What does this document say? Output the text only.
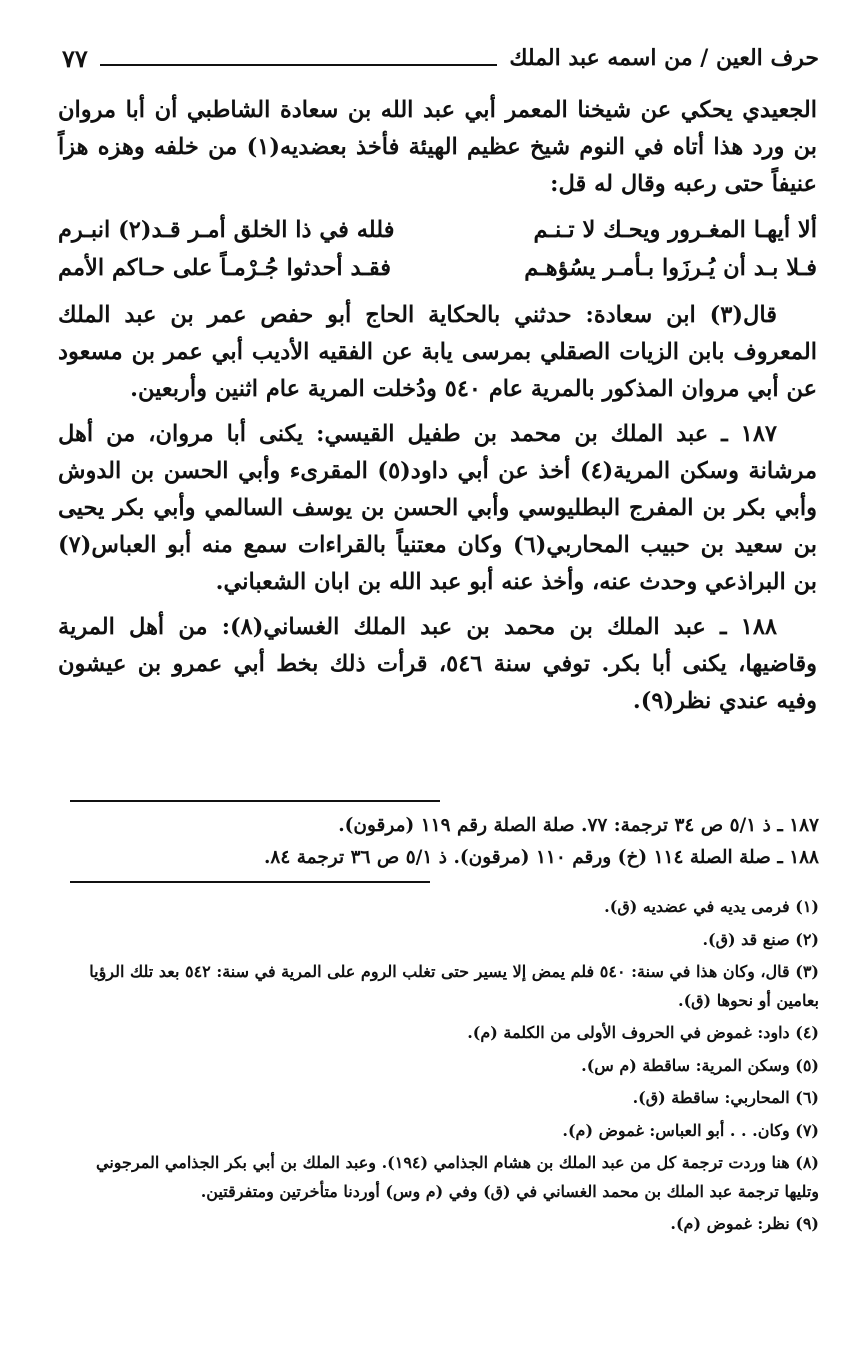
حرف العين / من اسمه عبد الملك
٧٧

الجعيدي يحكي عن شيخنا المعمر أبي عبد الله بن سعادة الشاطبي أن أبا مروان بن ورد هذا أتاه في النوم شيخ عظيم الهيئة فأخذ بعضديه(١) من خلفه وهزه هزاً عنيفاً حتى رعبه وقال له قل:

ألا أيهـا المغـرور ويحـك لا تـنـم
فلله في ذا الخلق أمـر قـد(٢) انبـرم
فـلا بـد أن يُـرزَوا بـأمـر يسُؤهـم
فقـد أحدثوا جُـرْمـاً على حـاكم الأمم

قال(٣) ابن سعادة: حدثني بالحكاية الحاج أبو حفص عمر بن عبد الملك المعروف بابن الزيات الصقلي بمرسى يابة عن الفقيه الأديب أبي عمر بن مسعود عن أبي مروان المذكور بالمرية عام ٥٤٠ ودُخلت المرية عام اثنين وأربعين.

١٨٧ ـ عبد الملك بن محمد بن طفيل القيسي: يكنى أبا مروان، من أهل مرشانة وسكن المرية(٤) أخذ عن أبي داود(٥) المقرىء وأبي الحسن بن الدوش وأبي بكر بن المفرج البطليوسي وأبي الحسن بن يوسف السالمي وأبي بكر يحيى بن سعيد بن حبيب المحاربي(٦) وكان معتنياً بالقراءات سمع منه أبو العباس(٧) بن البراذعي وحدث عنه، وأخذ عنه أبو عبد الله بن ابان الشعباني.

١٨٨ ـ عبد الملك بن محمد بن عبد الملك الغساني(٨): من أهل المرية وقاضيها، يكنى أبا بكر. توفي سنة ٥٤٦، قرأت ذلك بخط أبي عمرو بن عيشون وفيه عندي نظر(٩).

١٨٧ ـ ذ ٥/١ ص ٣٤ ترجمة: ٧٧. صلة الصلة رقم ١١٩ (مرقون).
١٨٨ ـ صلة الصلة ١١٤ (خ) ورقم ١١٠ (مرقون). ذ ٥/١ ص ٣٦ ترجمة ٨٤.
(١) فرمى يديه في عضديه (ق).
(٢) صنع قد (ق).
(٣) قال، وكان هذا في سنة: ٥٤٠ فلم يمض إلا يسير حتى تغلب الروم على المرية في سنة: ٥٤٢ بعد تلك الرؤيا بعامين أو نحوها (ق).
(٤) داود: غموض في الحروف الأولى من الكلمة (م).
(٥) وسكن المرية: ساقطة (م س).
(٦) المحاربي: ساقطة (ق).
(٧) وكان. . . أبو العباس: غموض (م).
(٨) هنا وردت ترجمة كل من عبد الملك بن هشام الجذامي (١٩٤). وعبد الملك بن أبي بكر الجذامي المرجوني وتليها ترجمة عبد الملك بن محمد الغساني في (ق) وفي (م وس) أوردنا متأخرتين ومتفرقتين.
(٩) نظر: غموض (م).
